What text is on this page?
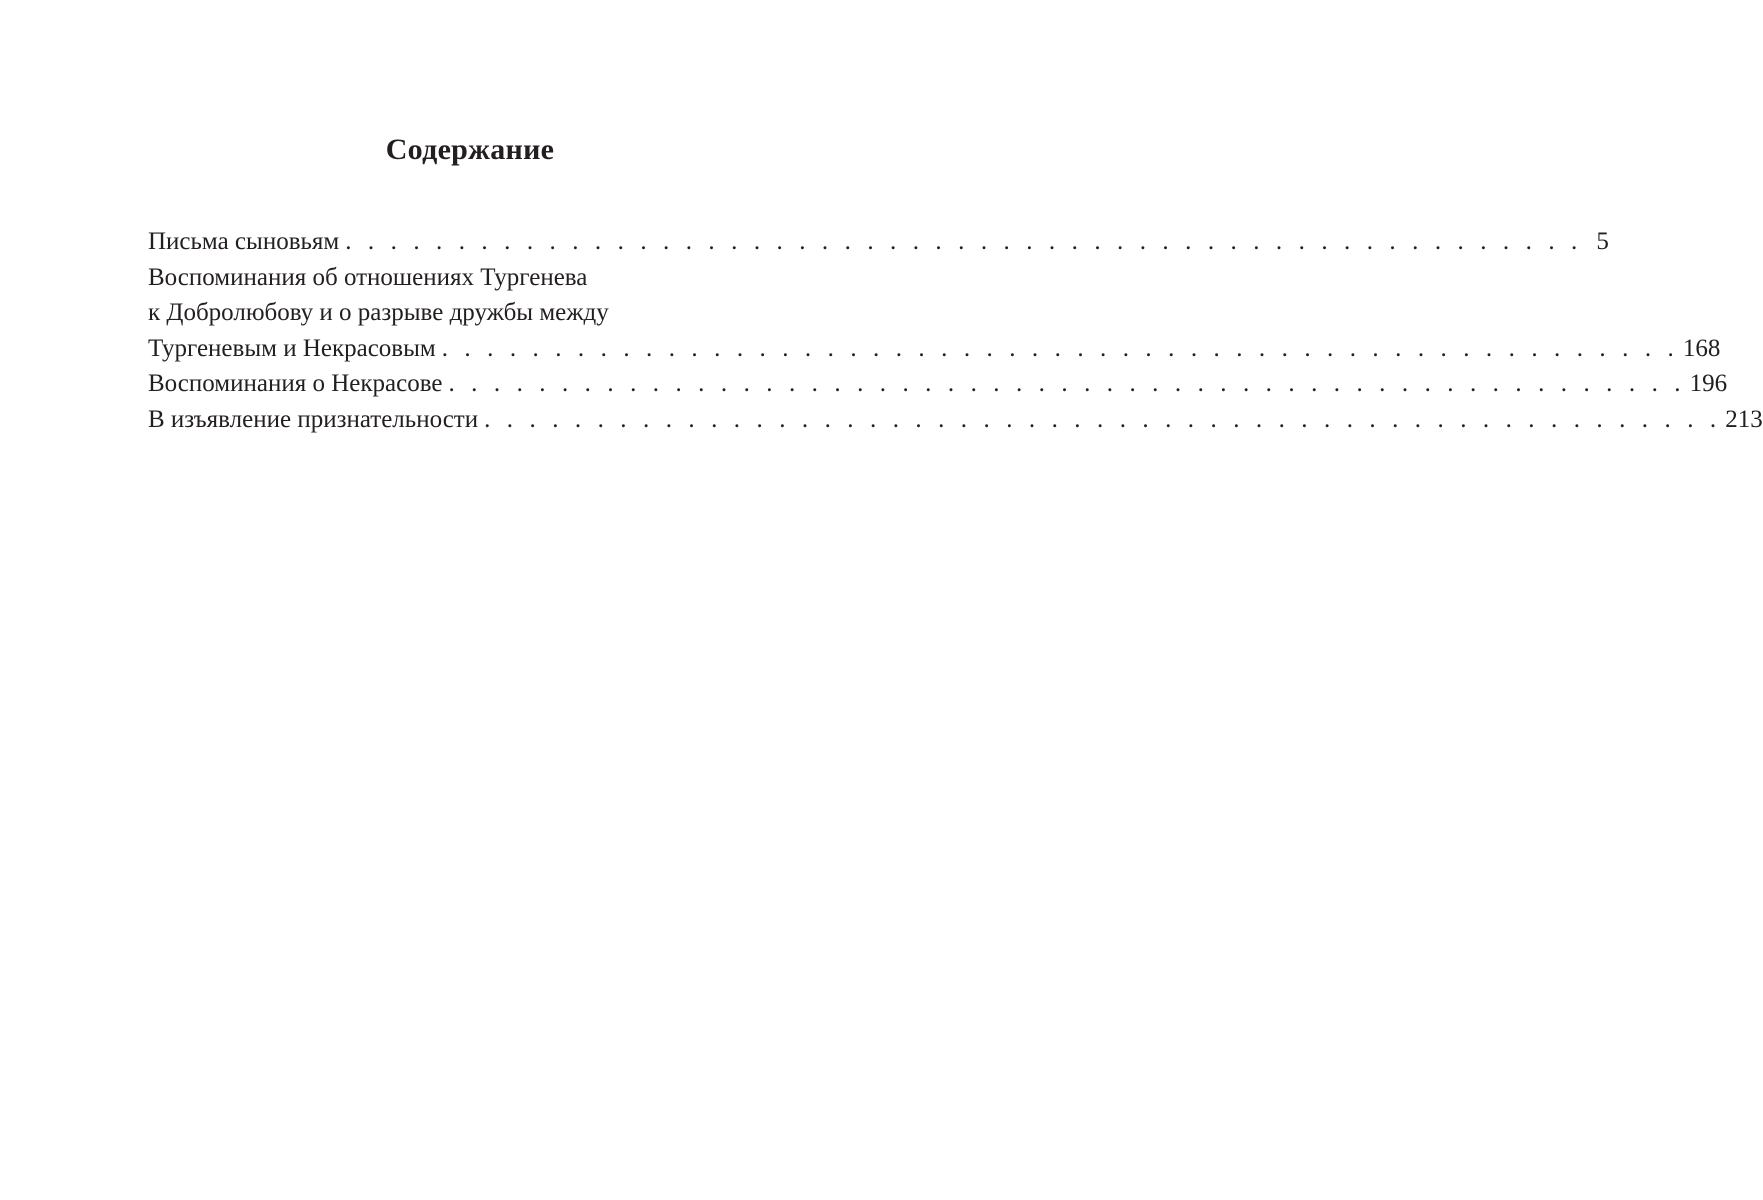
Содержание
Письма сыновьям . . . . . . . . . . . . . . . . . . . . . . . . . . . . . . . . . . . . . . . . . . . . . . . . . . . . . . . 5
Воспоминания об отношениях Тургенева
к Добролюбову и о разрыве дружбы между
Тургеневым и Некрасовым . . . . . . . . . . . . . . . . . . . . . . . . . . . . . . . . . . . . . . . . . . . . . . . . . . . . . . . 168
Воспоминания о Некрасове . . . . . . . . . . . . . . . . . . . . . . . . . . . . . . . . . . . . . . . . . . . . . . . . . . . . . . . 196
В изъявление признательности . . . . . . . . . . . . . . . . . . . . . . . . . . . . . . . . . . . . . . . . . . . . . . . . . . . . . . . 213
